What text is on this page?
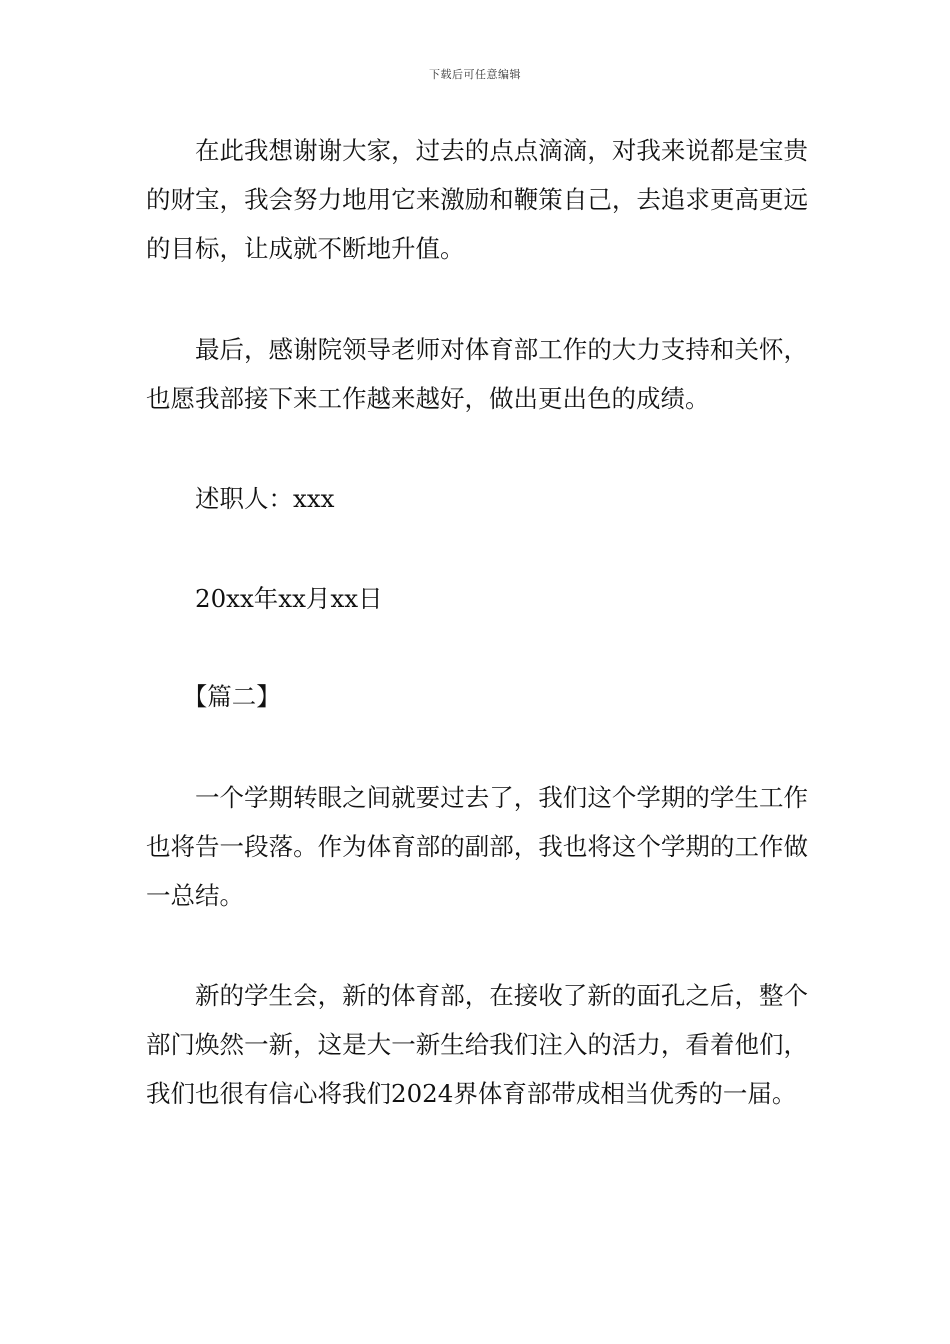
下载后可任意编辑

在此我想谢谢大家，过去的点点滴滴，对我来说都是宝贵的财宝，我会努力地用它来激励和鞭策自己，去追求更高更远的目标，让成就不断地升值。

最后，感谢院领导老师对体育部工作的大力支持和关怀，也愿我部接下来工作越来越好，做出更出色的成绩。

述职人：xxx

20xx年xx月xx日

【篇二】

一个学期转眼之间就要过去了，我们这个学期的学生工作也将告一段落。作为体育部的副部，我也将这个学期的工作做一总结。

新的学生会，新的体育部，在接收了新的面孔之后，整个部门焕然一新，这是大一新生给我们注入的活力，看着他们，我们也很有信心将我们2024界体育部带成相当优秀的一届。
